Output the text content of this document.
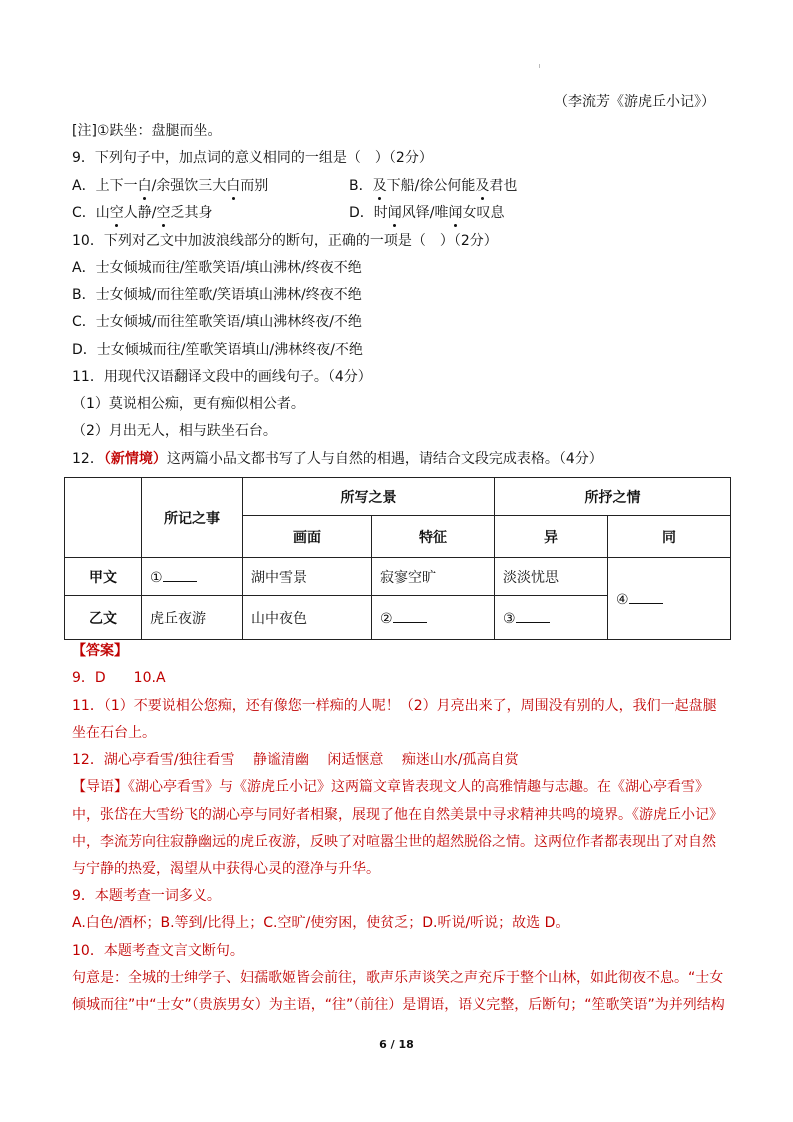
（李流芳《游虎丘小记》）
[注]①趺坐：盘腿而坐。
9．下列句子中，加点词的意义相同的一组是（　）（2分）
A．上下一白/余强饮三大白而别	B．及下船/徐公何能及君也
C．山空人静/空乏其身	D．时闻风铎/唯闻女叹息
10．下列对乙文中加波浪线部分的断句，正确的一项是（　）（2分）
A．士女倾城而往/笙歌笑语/填山沸林/终夜不绝
B．士女倾城/而往笙歌/笑语填山沸林/终夜不绝
C．士女倾城/而往笙歌笑语/填山沸林终夜/不绝
D．士女倾城而往/笙歌笑语填山/沸林终夜/不绝
11．用现代汉语翻译文段中的画线句子。（4分）
（1）莫说相公痴，更有痴似相公者。
（2）月出无人，相与趺坐石台。
12．（新情境）这两篇小品文都书写了人与自然的相遇，请结合文段完成表格。（4分）
	所记之事	所写之景		所抒之情	
		画面	特征	异	同
甲文	①	湖中雪景	寂寥空旷	淡淡忧思	④
乙文	虎丘夜游	山中夜色	②	③	
【答案】
9．D　　10.A
11．（1）不要说相公您痴，还有像您一样痴的人呢！（2）月亮出来了，周围没有别的人，我们一起盘腿
坐在石台上。
12．湖心亭看雪/独往看雪　 静谧清幽　 闲适惬意　 痴迷山水/孤高自赏
【导语】《湖心亭看雪》与《游虎丘小记》这两篇文章皆表现文人的高雅情趣与志趣。在《湖心亭看雪》
中，张岱在大雪纷飞的湖心亭与同好者相聚，展现了他在自然美景中寻求精神共鸣的境界。《游虎丘小记》
中，李流芳向往寂静幽远的虎丘夜游，反映了对喧嚣尘世的超然脱俗之情。这两位作者都表现出了对自然
与宁静的热爱，渴望从中获得心灵的澄净与升华。
9．本题考查一词多义。
A.白色/酒杯；B.等到/比得上；C.空旷/使穷困，使贫乏；D.听说/听说；故选 D。
10．本题考查文言文断句。
句意是：全城的士绅学子、妇孺歌姬皆会前往，歌声乐声谈笑之声充斥于整个山林，如此彻夜不息。“士女
倾城而往”中“士女”（贵族男女）为主语，“往”（前往）是谓语，语义完整，后断句；“笙歌笑语”为并列结构
6 / 18
